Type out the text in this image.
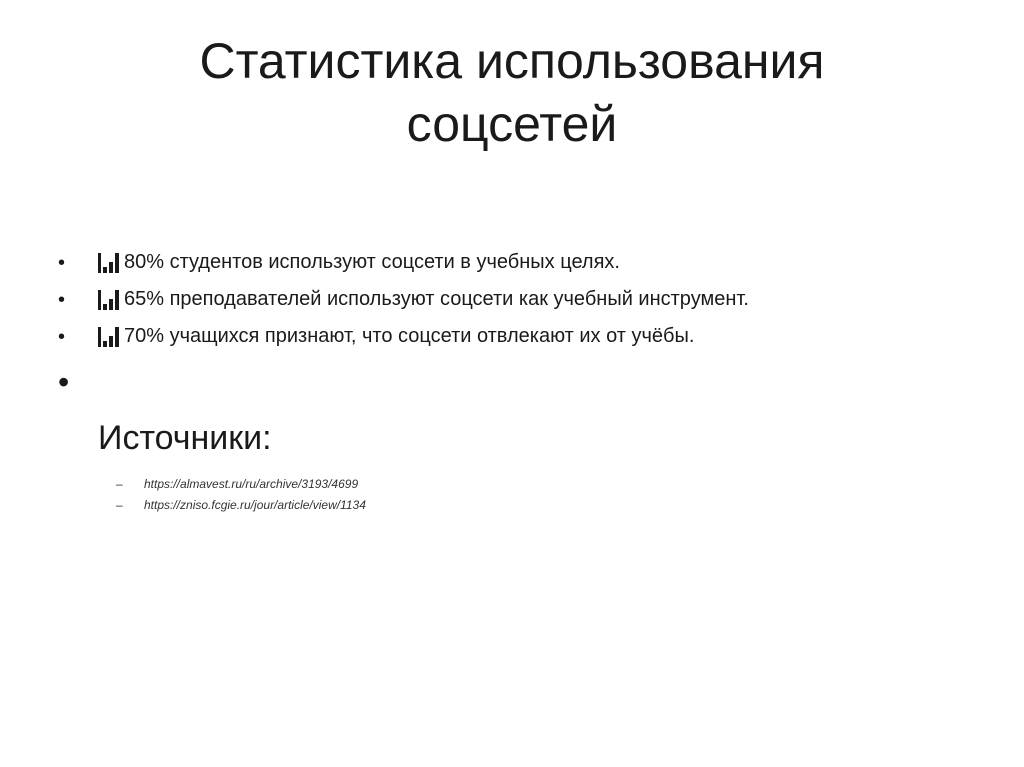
Статистика использования
соцсетей
•	80% студентов используют соцсети в учебных целях.
•	65% преподавателей используют соцсети как учебный инструмент.
•	70% учащихся признают, что соцсети отвлекают их от учёбы.
•
Источники:
–	https://almavest.ru/ru/archive/3193/4699
–	https://zniso.fcgie.ru/jour/article/view/1134
